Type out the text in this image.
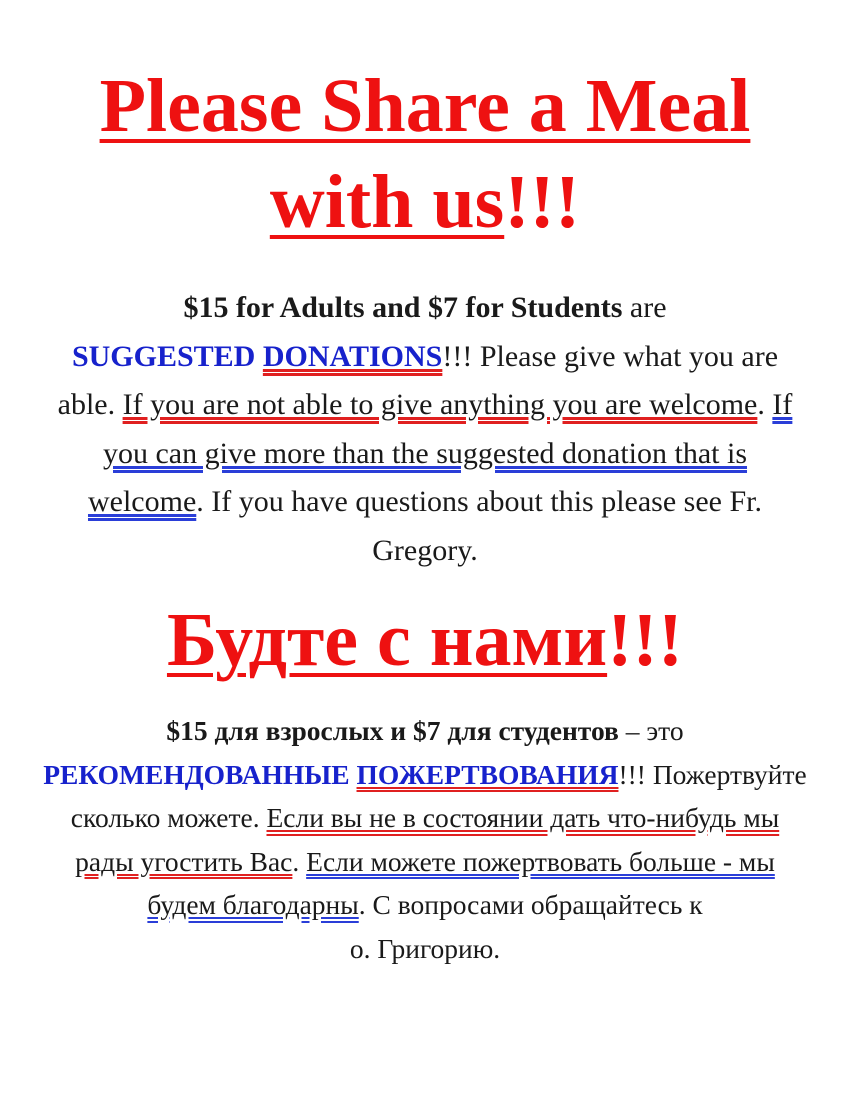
Please Share a Meal
with us!!!

$15 for Adults and $7 for Students are
SUGGESTED DONATIONS!!! Please give what you are able. If you are not able to give anything you are welcome. If you can give more than the suggested donation that is welcome. If you have questions about this please see Fr. Gregory.

Будте с нами!!!

$15 для взрослых и $7 для студентов – это
РЕКОМЕНДОВАННЫЕ ПОЖЕРТВОВАНИЯ!!! Пожертвуйте сколько можете. Если вы не в состоянии дать что-нибудь мы рады угостить Вас. Если можете пожертвовать больше - мы будем благодарны. С вопросами обращайтесь к
о. Григорию.
